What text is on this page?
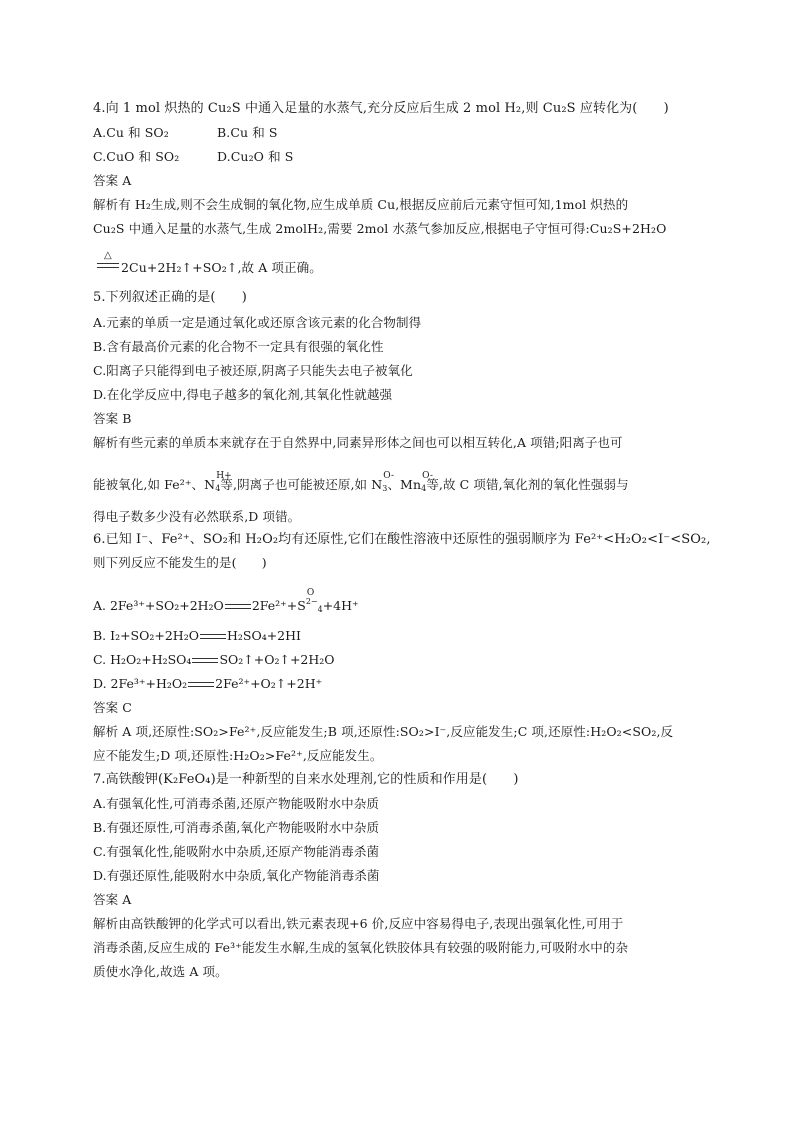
4.向 1 mol 炽热的 Cu₂S 中通入足量的水蒸气,充分反应后生成 2 mol H₂,则 Cu₂S 应转化为(　　)
A.Cu 和 SO₂	B.Cu 和 S
C.CuO 和 SO₂	D.Cu₂O 和 S
答案 A
解析有 H₂生成,则不会生成铜的氧化物,应生成单质 Cu,根据反应前后元素守恒可知,1mol 炽热的
Cu₂S 中通入足量的水蒸气,生成 2molH₂,需要 2mol 水蒸气参加反应,根据电子守恒可得:Cu₂S+2H₂O
△
2Cu+2H₂↑+SO₂↑,故 A 项正确。
5.下列叙述正确的是(　　)
A.元素的单质一定是通过氧化或还原含该元素的化合物制得
B.含有最高价元素的化合物不一定具有很强的氧化性
C.阳离子只能得到电子被还原,阴离子只能失去电子被氧化
D.在化学反应中,得电子越多的氧化剂,其氧化性就越强
答案 B
解析有些元素的单质本来就存在于自然界中,同素异形体之间也可以相互转化,A 项错;阳离子也可
能被氧化,如 Fe²⁺、N
H+
$_4$等,阴离子也可能被还原,如 N
O-
$_3$、Mn
O-
$_4$等,故 C 项错,氧化剂的氧化性强弱与
得电子数多少没有必然联系,D 项错。
6.已知 I⁻、Fe²⁺、SO₂和 H₂O₂均有还原性,它们在酸性溶液中还原性的强弱顺序为 Fe²⁺<H₂O₂<I⁻<SO₂,
则下列反应不能发生的是(　　)
A. 2Fe³⁺+SO₂+2H₂O 2Fe²⁺+S
O
$^{2-}_4$+4H⁺
B. I₂+SO₂+2H₂O H₂SO₄+2HI
C. H₂O₂+H₂SO₄ SO₂↑+O₂↑+2H₂O
D. 2Fe³⁺+H₂O₂ 2Fe²⁺+O₂↑+2H⁺
答案 C
解析 A 项,还原性:SO₂>Fe²⁺,反应能发生;B 项,还原性:SO₂>I⁻,反应能发生;C 项,还原性:H₂O₂<SO₂,反
应不能发生;D 项,还原性:H₂O₂>Fe²⁺,反应能发生。
7.高铁酸钾(K₂FeO₄)是一种新型的自来水处理剂,它的性质和作用是(　　)
A.有强氧化性,可消毒杀菌,还原产物能吸附水中杂质
B.有强还原性,可消毒杀菌,氧化产物能吸附水中杂质
C.有强氧化性,能吸附水中杂质,还原产物能消毒杀菌
D.有强还原性,能吸附水中杂质,氧化产物能消毒杀菌
答案 A
解析由高铁酸钾的化学式可以看出,铁元素表现+6 价,反应中容易得电子,表现出强氧化性,可用于
消毒杀菌,反应生成的 Fe³⁺能发生水解,生成的氢氧化铁胶体具有较强的吸附能力,可吸附水中的杂
质使水净化,故选 A 项。
